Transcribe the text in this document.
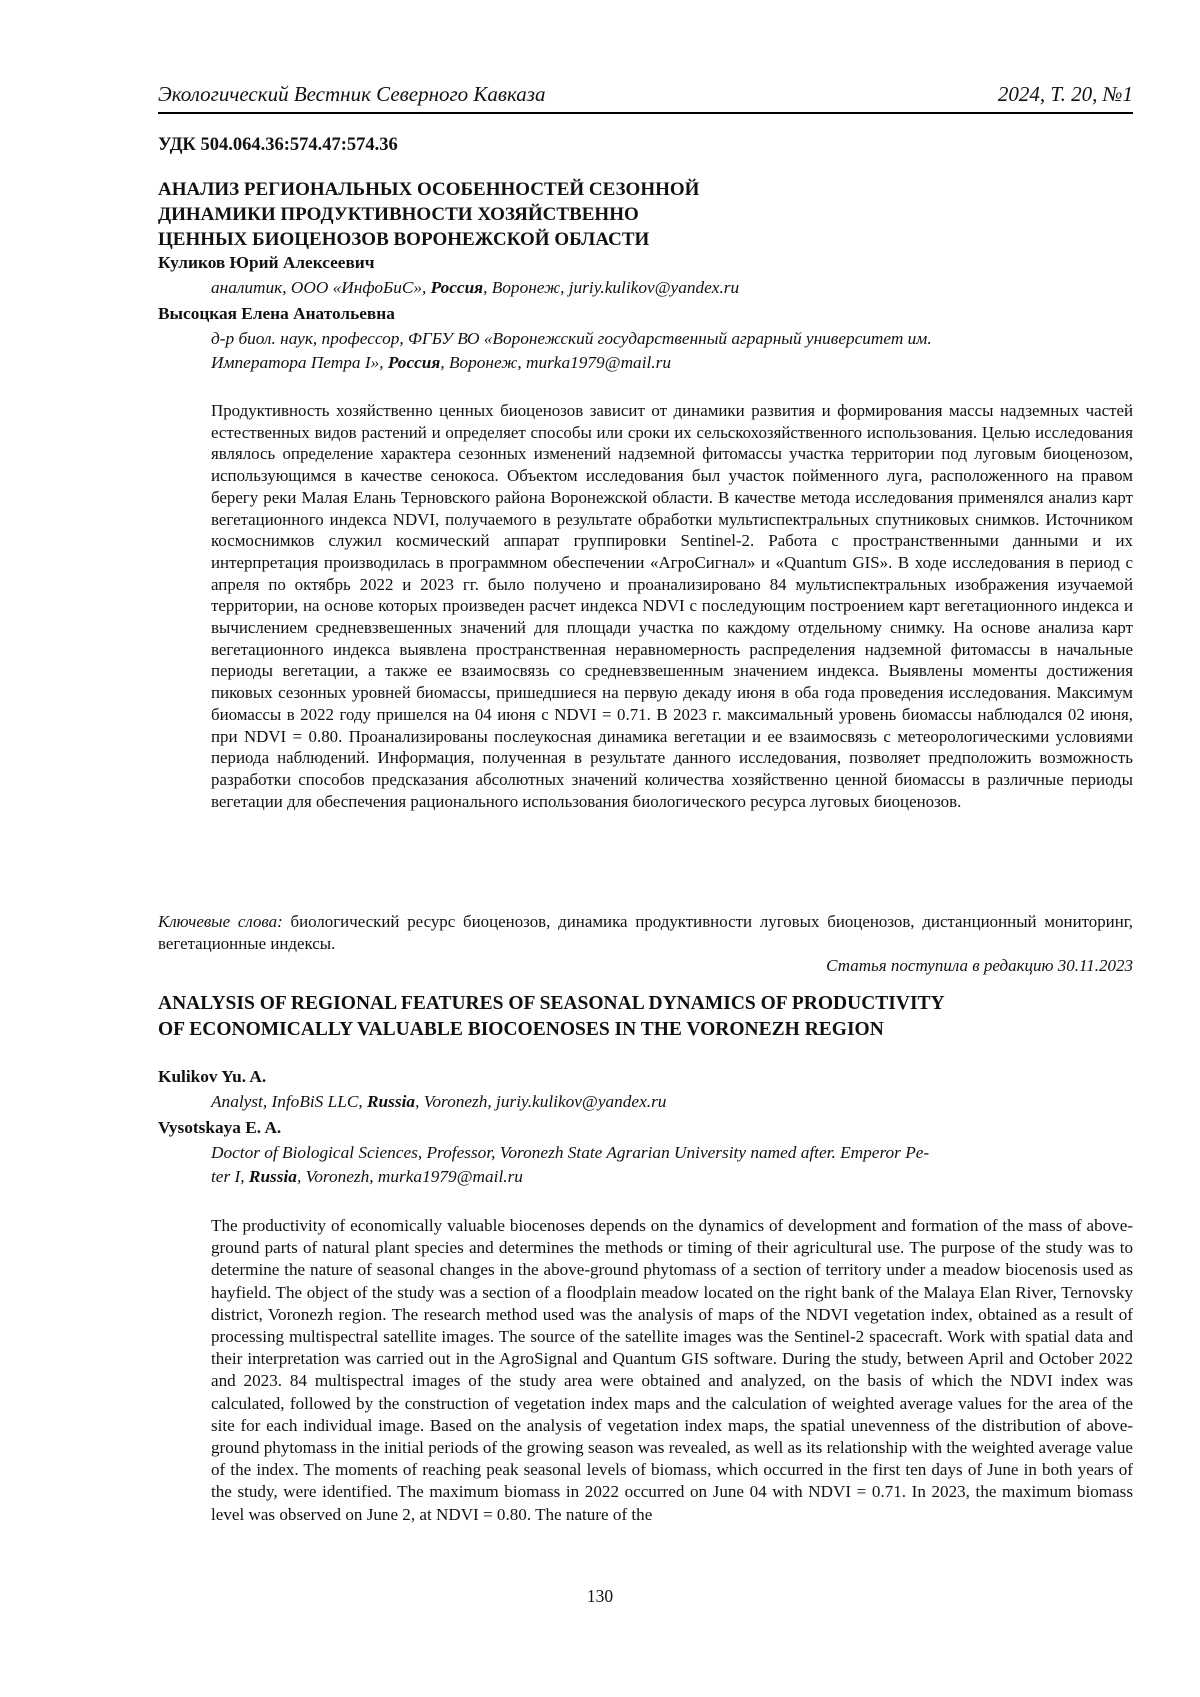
Экологический Вестник Северного Кавказа	2024, Т. 20, №1
УДК 504.064.36:574.47:574.36
АНАЛИЗ РЕГИОНАЛЬНЫХ ОСОБЕННОСТЕЙ СЕЗОННОЙ
ДИНАМИКИ ПРОДУКТИВНОСТИ ХОЗЯЙСТВЕННО
ЦЕННЫХ БИОЦЕНОЗОВ ВОРОНЕЖСКОЙ ОБЛАСТИ
Куликов Юрий Алексеевич
аналитик, ООО «ИнфоБиС», Россия, Воронеж, juriy.kulikov@yandex.ru
Высоцкая Елена Анатольевна
д-р биол. наук, профессор, ФГБУ ВО «Воронежский государственный аграрный университет им.
Императора Петра I», Россия, Воронеж, murka1979@mail.ru
Продуктивность хозяйственно ценных биоценозов зависит от динамики развития и формирования массы надземных частей естественных видов растений и определяет способы или сроки их сельскохозяйственного использования. Целью исследования являлось определение характера сезонных изменений надземной фитомассы участка территории под луговым биоценозом, использующимся в качестве сенокоса. Объектом исследования был участок пойменного луга, расположенного на правом берегу реки Малая Елань Терновского района Воронежской области. В качестве метода исследования применялся анализ карт вегетационного индекса NDVI, получаемого в результате обработки мультиспектральных спутниковых снимков. Источником космоснимков служил космический аппарат группировки Sentinel-2. Работа с пространственными данными и их интерпретация производилась в программном обеспечении «АгроСигнал» и «Quantum GIS». В ходе исследования в период с апреля по октябрь 2022 и 2023 гг. было получено и проанализировано 84 мультиспектральных изображения изучаемой территории, на основе которых произведен расчет индекса NDVI с последующим построением карт вегетационного индекса и вычислением средневзвешенных значений для площади участка по каждому отдельному снимку. На основе анализа карт вегетационного индекса выявлена пространственная неравномерность распределения надземной фитомассы в начальные периоды вегетации, а также ее взаимосвязь со средневзвешенным значением индекса. Выявлены моменты достижения пиковых сезонных уровней биомассы, пришедшиеся на первую декаду июня в оба года проведения исследования. Максимум биомассы в 2022 году пришелся на 04 июня с NDVI = 0.71. В 2023 г. максимальный уровень биомассы наблюдался 02 июня, при NDVI = 0.80. Проанализированы послеукосная динамика вегетации и ее взаимосвязь с метеорологическими условиями периода наблюдений. Информация, полученная в результате данного исследования, позволяет предположить возможность разработки способов предсказания абсолютных значений количества хозяйственно ценной биомассы в различные периоды вегетации для обеспечения рационального использования биологического ресурса луговых биоценозов.
Ключевые слова: биологический ресурс биоценозов, динамика продуктивности луговых биоценозов, дистанционный мониторинг, вегетационные индексы.
Статья поступила в редакцию 30.11.2023
ANALYSIS OF REGIONAL FEATURES OF SEASONAL DYNAMICS OF PRODUCTIVITY
OF ECONOMICALLY VALUABLE BIOCOENOSES IN THE VORONEZH REGION
Kulikov Yu. A.
Analyst, InfoBiS LLC, Russia, Voronezh, juriy.kulikov@yandex.ru
Vysotskaya E. A.
Doctor of Biological Sciences, Professor, Voronezh State Agrarian University named after. Emperor Pe-
ter I, Russia, Voronezh, murka1979@mail.ru
The productivity of economically valuable biocenoses depends on the dynamics of development and formation of the mass of above-ground parts of natural plant species and determines the methods or timing of their agricultural use. The purpose of the study was to determine the nature of seasonal changes in the above-ground phytomass of a section of territory under a meadow biocenosis used as hayfield. The object of the study was a section of a floodplain meadow located on the right bank of the Malaya Elan River, Ternovsky district, Voronezh region. The research method used was the analysis of maps of the NDVI vegetation index, obtained as a result of processing multispectral satellite images. The source of the satellite images was the Sentinel-2 spacecraft. Work with spatial data and their interpretation was carried out in the AgroSignal and Quantum GIS software. During the study, between April and October 2022 and 2023. 84 multispectral images of the study area were obtained and analyzed, on the basis of which the NDVI index was calculated, followed by the construction of vegetation index maps and the calculation of weighted average values for the area of the site for each individual image. Based on the analysis of vegetation index maps, the spatial unevenness of the distribution of above-ground phytomass in the initial periods of the growing season was revealed, as well as its relationship with the weighted average value of the index. The moments of reaching peak seasonal levels of biomass, which occurred in the first ten days of June in both years of the study, were identified. The maximum biomass in 2022 occurred on June 04 with NDVI = 0.71. In 2023, the maximum biomass level was observed on June 2, at NDVI = 0.80. The nature of the
130
